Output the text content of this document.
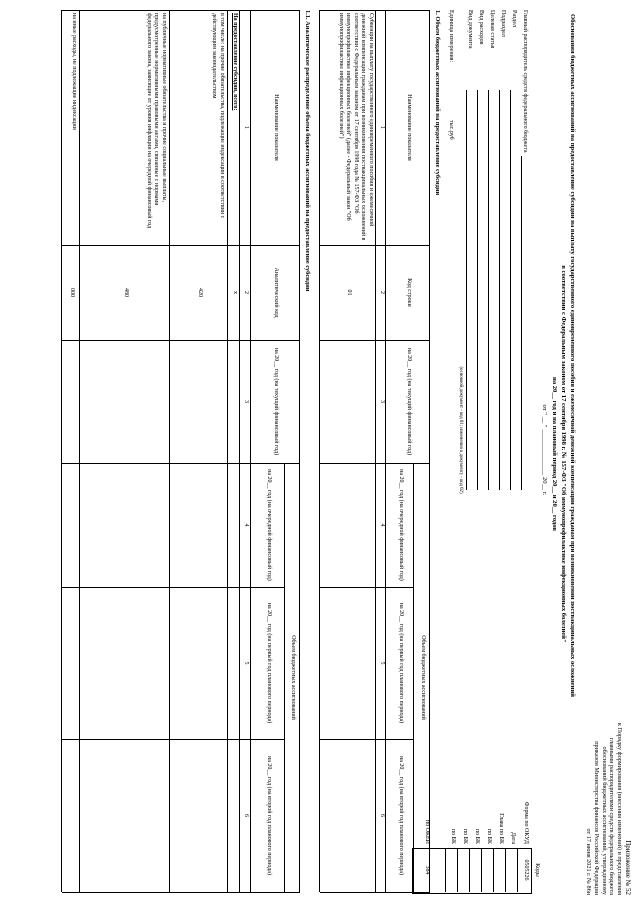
Приложение № 52
к Порядку формирования (внесения изменений) и представления
главными распорядителями средств федерального бюджета
обоснований бюджетных ассигнований, утвержденному
приказом Министерства финансов Российской Федерации
от 17 июня 2021 г. № 86н
Обоснования бюджетных ассигнований на предоставление субсидии на выплату государственного единовременного пособия и ежемесячной денежной компенсации гражданам при возникновении поствакцинальных осложнений
в соответствии с Федеральным законом от 17 сентября 1998 г. № 157-ФЗ "Об иммунопрофилактике инфекционных болезней"
на 20__ год и на плановый период 20__ и 20__ годов
от " __ " ______________ 20__ г.
Коды
0505226
384
Форма по ОКУД
Дата
Глава по БК
по БК
по БК
по БК
по БК
по ОКЕИ
Главный распорядитель средств федерального бюджета
Раздел
Подраздел
Целевая статья
Вид расходов
Вид документа
(основной документ - код 01; изменения к документу - код 02)
Единица измерения:
тыс.руб
1. Объем бюджетных ассигнований на предоставление субсидии
Наименование показателя
Код строки
на 20__ год (на текущий финансовый год)
Объем бюджетных ассигнований
на 20__ год (на очередной финансовый год)
на 20__ год (на первый год планового периода)
на 20__ год (на второй год планового периода)
1
2
3
4
5
6
Субвенции на выплату государственного единовременного пособия и ежемесячной денежной компенсации гражданам при возникновении поствакцинальных осложнений в соответствии с Федеральным законом от 17 сентября 1998 года № 157-ФЗ "Об иммунопрофилактике инфекционных болезней" (далее - Федеральный закон "Об иммунопрофилактике инфекционных болезней")
01
1.1. Аналитическое распределение объема бюджетных ассигнований на предоставление субсидии
Наименование показателя
Аналитический код
на 20__ год (на текущий финансовый год)
Объем бюджетных ассигнований
на 20__ год (на очередной финансовый год)
на 20__ год (на первый год планового периода)
на 20__ год (на второй год планового периода)
1
2
3
4
5
6
На предоставление субсидии, всего:
x
в том числе: на прочие обязательства, подлежащие индексации в соответствии с действующим законодательством
420
на публичные нормативные обязательства и прочие социальные выплаты, предусмотренные нормативными правовыми актами, связанные с нормами федерального закона, зависящие от уровня инфляции на очередной финансовый год
480
на иные расходы, не подлежащие индексации
000
